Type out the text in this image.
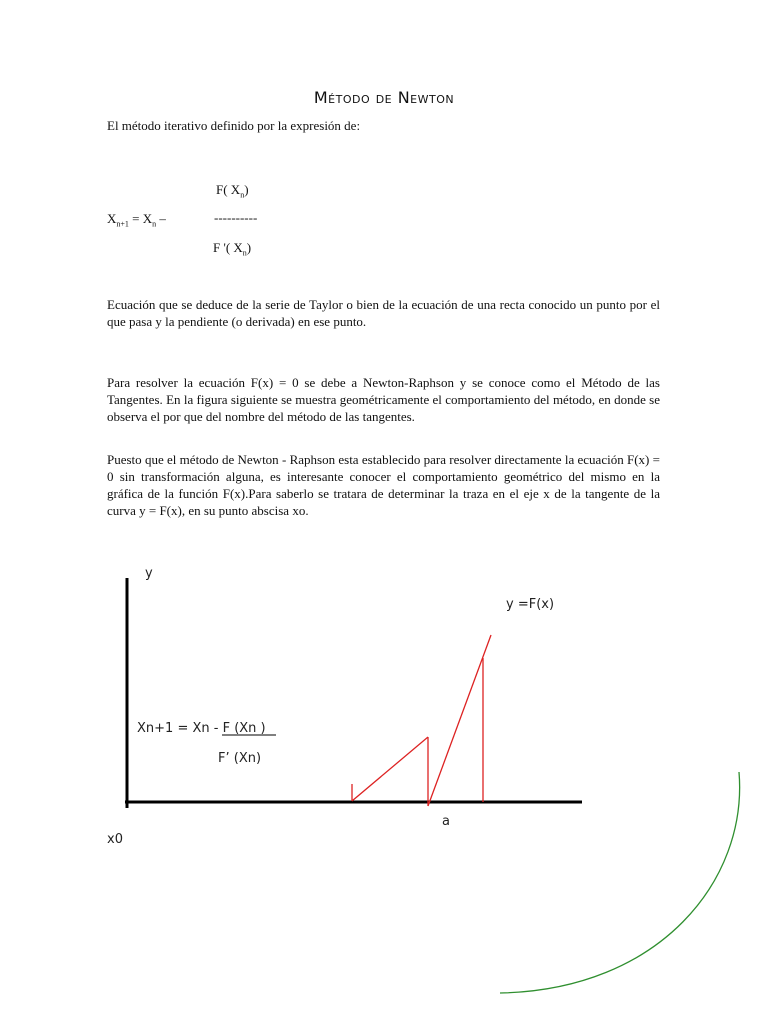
Método de Newton
El método iterativo definido por la expresión de:
F( $X_n$)
$X_{n+1} = X_n$ –	----------
F '( $X_n$)
Ecuación que se deduce de la serie de Taylor o bien de la ecuación de una recta conocido un punto por el que pasa y la pendiente (o derivada) en ese punto.
Para resolver la ecuación F(x) = 0 se debe a Newton-Raphson y se conoce como el Método de las Tangentes. En la figura siguiente se muestra geométricamente el comportamiento del método, en donde se observa el por que del nombre del método de las tangentes.
Puesto que el método de Newton - Raphson esta establecido para resolver directamente la ecuación F(x) = 0 sin transformación alguna, es interesante conocer el comportamiento geométrico del mismo en la gráfica de la función F(x).Para saberlo se tratara de determinar la traza en el eje x de la tangente de la curva y = F(x), en su punto abscisa xo.
y
y =F(x)
Xn+1 = Xn - F (Xn )
F’ (Xn)
a
x0
